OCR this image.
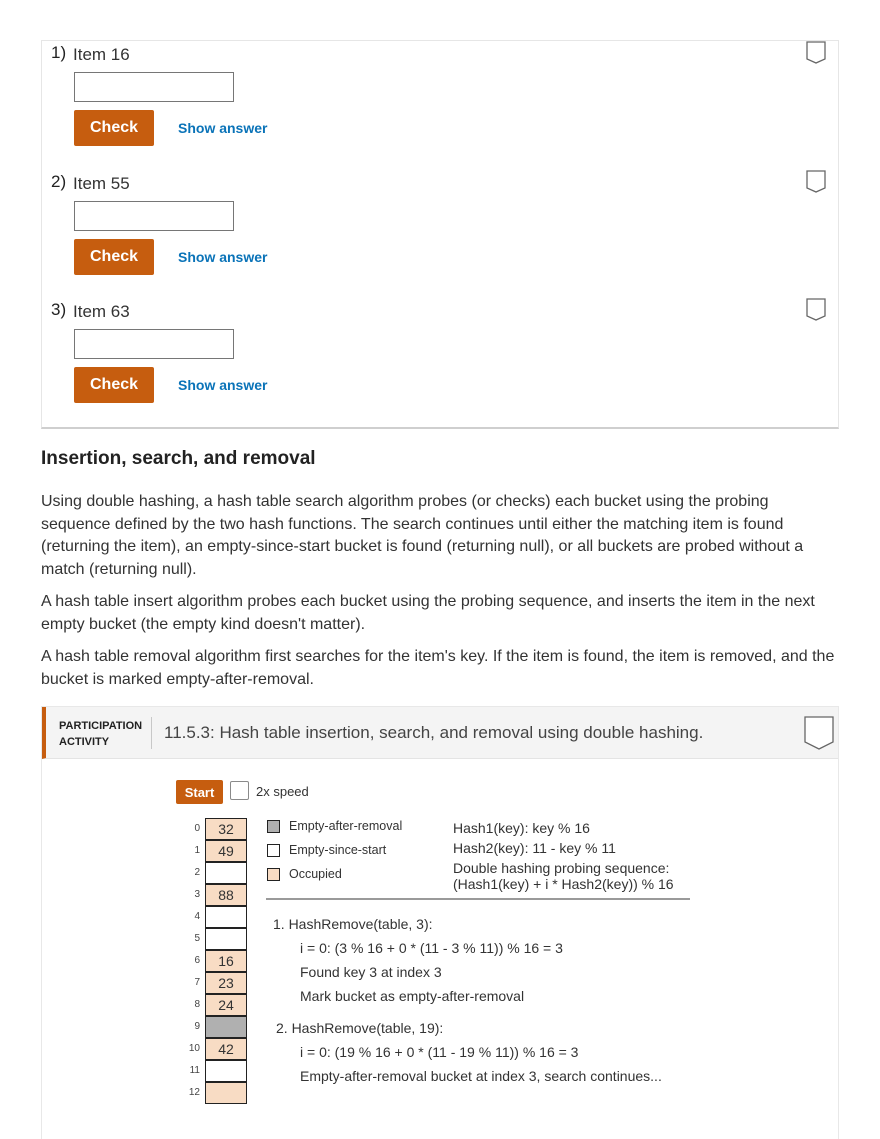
1) Item 16
Check	Show answer
2) Item 55
Check	Show answer
3) Item 63
Check	Show answer
Insertion, search, and removal

Using double hashing, a hash table search algorithm probes (or checks) each bucket using the probing sequence defined by the two hash functions. The search continues until either the matching item is found (returning the item), an empty-since-start bucket is found (returning null), or all buckets are probed without a match (returning null).

A hash table insert algorithm probes each bucket using the probing sequence, and inserts the item in the next empty bucket (the empty kind doesn't matter).

A hash table removal algorithm first searches for the item's key. If the item is found, the item is removed, and the bucket is marked empty-after-removal.

PARTICIPATION
ACTIVITY	11.5.3: Hash table insertion, search, and removal using double hashing.
Start	2x speed
0	32
1	49
2
3	88
4
5
6	16
7	23
8	24
9
10	42
11
12
Empty-after-removal
Empty-since-start
Occupied
Hash1(key): key % 16
Hash2(key): 11 - key % 11
Double hashing probing sequence:
(Hash1(key) + i * Hash2(key)) % 16
1. HashRemove(table, 3):
i = 0: (3 % 16 + 0 * (11 - 3 % 11)) % 16 = 3
Found key 3 at index 3
Mark bucket as empty-after-removal
2. HashRemove(table, 19):
i = 0: (19 % 16 + 0 * (11 - 19 % 11)) % 16 = 3
Empty-after-removal bucket at index 3, search continues...
